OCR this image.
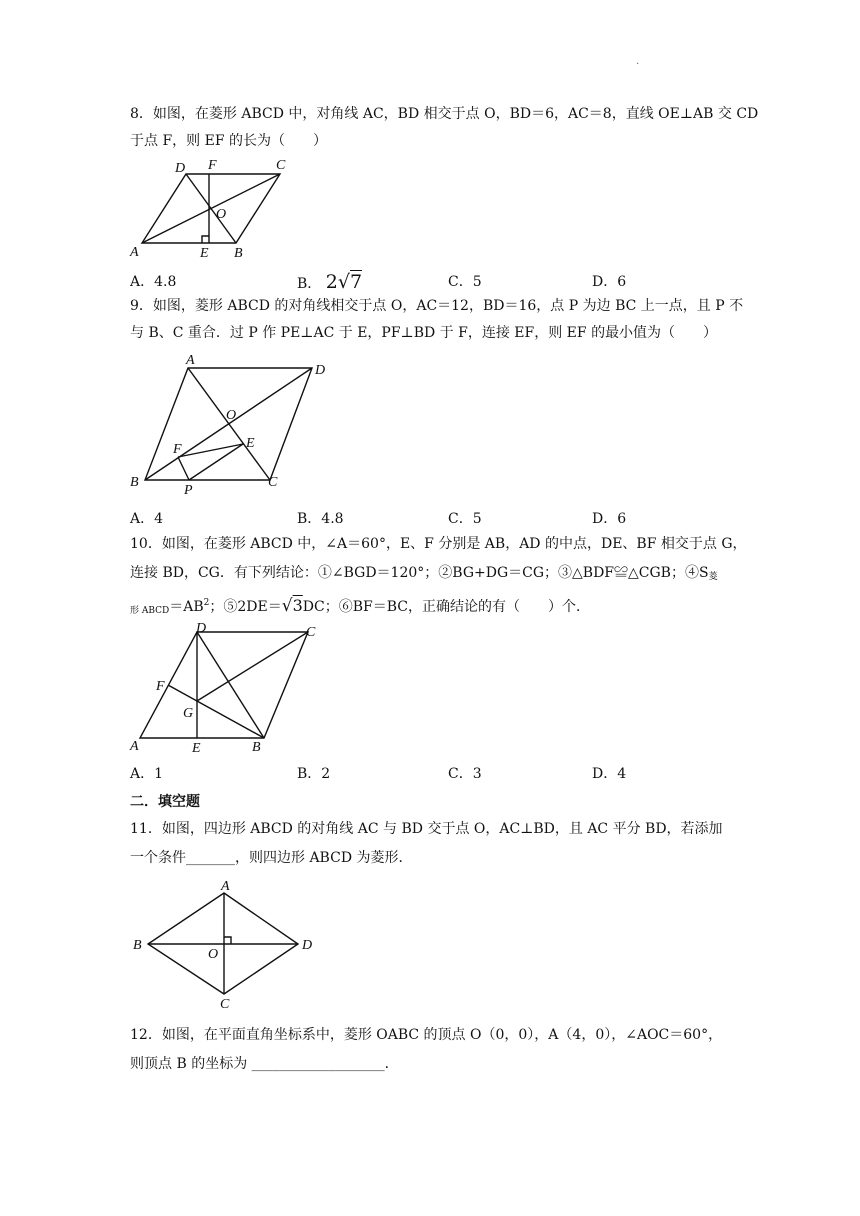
.
8．如图，在菱形 ABCD 中，对角线 AC，BD 相交于点 O，BD＝6，AC＝8，直线 OE⊥AB 交 CD
于点 F，则 EF 的长为（　　）
D F	C
O
A	E B
A．4.8	B． 2√7	C．5	D．6
9．如图，菱形 ABCD 的对角线相交于点 O，AC＝12，BD＝16，点 P 为边 BC 上一点，且 P 不
与 B、C 重合．过 P 作 PE⊥AC 于 E，PF⊥BD 于 F，连接 EF，则 EF 的最小值为（　　）
A
D
O
F	E
B
P
C
A．4	B．4.8	C．5	D．6
10．如图，在菱形 ABCD 中，∠A＝60°，E、F 分别是 AB，AD 的中点，DE、BF 相交于点 G，
连接 BD，CG．有下列结论：①∠BGD＝120°；②BG+DG＝CG；③△BDF≌△CGB；$④S_菱$
$_{形 ABCD}=AB^2$；⑤2DE＝√3DC；⑥BF＝BC，正确结论的有（　　）个．
D	C
F
G
A	E	B
A．1	B．2	C．3	D．4
二．填空题
11．如图，四边形 ABCD 的对角线 AC 与 BD 交于点 O，AC⊥BD，且 AC 平分 BD，若添加
一个条件_______，则四边形 ABCD 为菱形．
A
B
O
D
C
12．如图，在平面直角坐标系中，菱形 OABC 的顶点 O（0，0），A（4，0），∠AOC＝60°，
则顶点 B 的坐标为 ___________________．
